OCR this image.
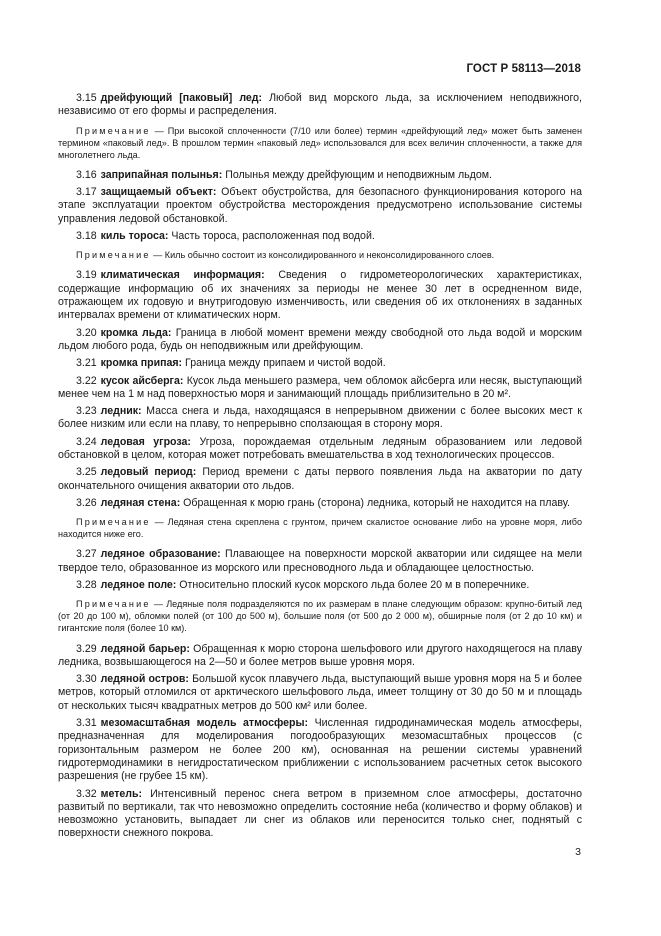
ГОСТ Р 58113—2018

3.15 дрейфующий [паковый] лед: Любой вид морского льда, за исключением неподвижного, независимо от его формы и распределения.

Примечание — При высокой сплоченности (7/10 или более) термин «дрейфующий лед» может быть заменен термином «паковый лед». В прошлом термин «паковый лед» использовался для всех величин сплоченности, а также для многолетнего льда.

3.16 заприпайная полынья: Полынья между дрейфующим и неподвижным льдом.

3.17 защищаемый объект: Объект обустройства, для безопасного функционирования которого на этапе эксплуатации проектом обустройства месторождения предусмотрено использование системы управления ледовой обстановкой.

3.18 киль тороса: Часть тороса, расположенная под водой.

Примечание — Киль обычно состоит из консолидированного и неконсолидированного слоев.

3.19 климатическая информация: Сведения о гидрометеорологических характеристиках, содержащие информацию об их значениях за периоды не менее 30 лет в осредненном виде, отражающем их годовую и внутригодовую изменчивость, или сведения об их отклонениях в заданных интервалах времени от климатических норм.

3.20 кромка льда: Граница в любой момент времени между свободной ото льда водой и морским льдом любого рода, будь он неподвижным или дрейфующим.

3.21 кромка припая: Граница между припаем и чистой водой.

3.22 кусок айсберга: Кусок льда меньшего размера, чем обломок айсберга или несяк, выступающий менее чем на 1 м над поверхностью моря и занимающий площадь приблизительно в 20 м².

3.23 ледник: Масса снега и льда, находящаяся в непрерывном движении с более высоких мест к более низким или если на плаву, то непрерывно сползающая в сторону моря.

3.24 ледовая угроза: Угроза, порождаемая отдельным ледяным образованием или ледовой обстановкой в целом, которая может потребовать вмешательства в ход технологических процессов.

3.25 ледовый период: Период времени с даты первого появления льда на акватории по дату окончательного очищения акватории ото льдов.

3.26 ледяная стена: Обращенная к морю грань (сторона) ледника, который не находится на плаву.

Примечание — Ледяная стена скреплена с грунтом, причем скалистое основание либо на уровне моря, либо находится ниже его.

3.27 ледяное образование: Плавающее на поверхности морской акватории или сидящее на мели твердое тело, образованное из морского или пресноводного льда и обладающее целостностью.

3.28 ледяное поле: Относительно плоский кусок морского льда более 20 м в поперечнике.

Примечание — Ледяные поля подразделяются по их размерам в плане следующим образом: крупно-битый лед (от 20 до 100 м), обломки полей (от 100 до 500 м), большие поля (от 500 до 2 000 м), обширные поля (от 2 до 10 км) и гигантские поля (более 10 км).

3.29 ледяной барьер: Обращенная к морю сторона шельфового или другого находящегося на плаву ледника, возвышающегося на 2—50 и более метров выше уровня моря.

3.30 ледяной остров: Большой кусок плавучего льда, выступающий выше уровня моря на 5 и более метров, который отломился от арктического шельфового льда, имеет толщину от 30 до 50 м и площадь от нескольких тысяч квадратных метров до 500 км² или более.

3.31 мезомасштабная модель атмосферы: Численная гидродинамическая модель атмосферы, предназначенная для моделирования погодообразующих мезомасштабных процессов (с горизонтальным размером не более 200 км), основанная на решении системы уравнений гидротермодинамики в негидростатическом приближении с использованием расчетных сеток высокого разрешения (не грубее 15 км).

3.32 метель: Интенсивный перенос снега ветром в приземном слое атмосферы, достаточно развитый по вертикали, так что невозможно определить состояние неба (количество и форму облаков) и невозможно установить, выпадает ли снег из облаков или переносится только снег, поднятый с поверхности снежного покрова.

3
